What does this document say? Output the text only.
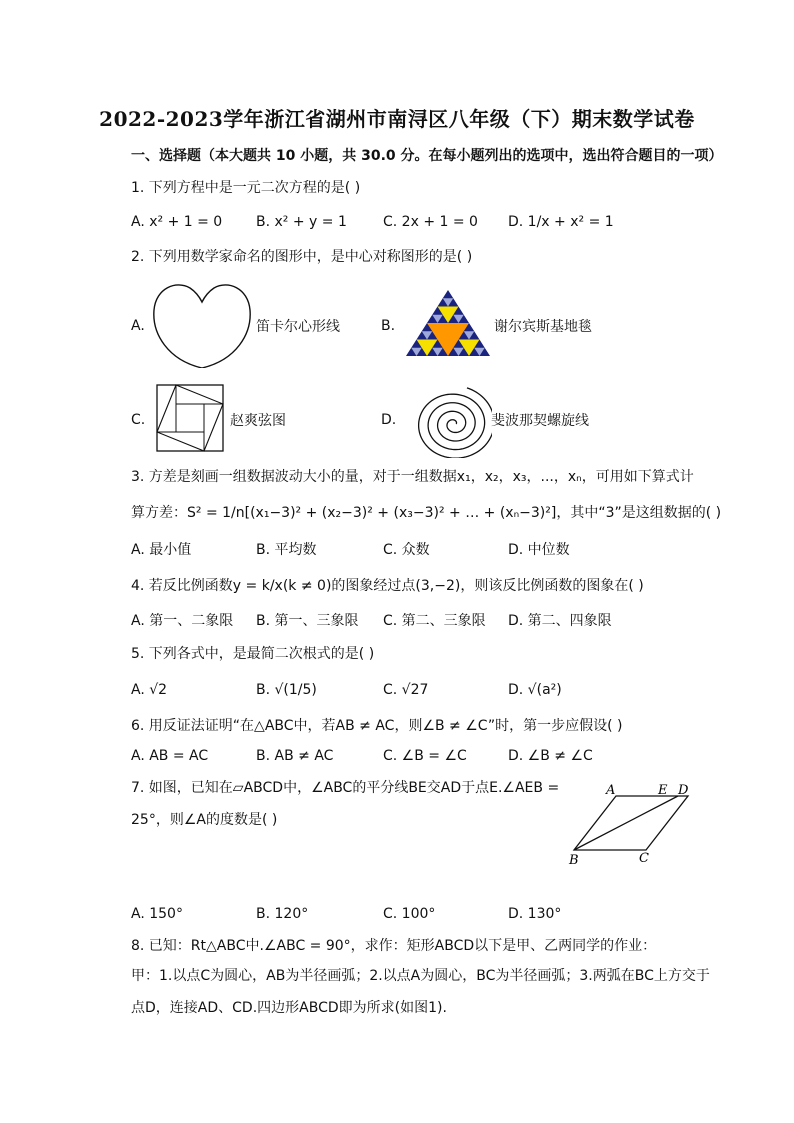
2022-2023学年浙江省湖州市南浔区八年级（下）期末数学试卷
一、选择题（本大题共 10 小题，共 30.0 分。在每小题列出的选项中，选出符合题目的一项）
1. 下列方程中是一元二次方程的是( )
A. x² + 1 = 0 B. x² + y = 1	C. 2x + 1 = 0 D. 1/x + x² = 1
2. 下列用数学家命名的图形中，是中心对称图形的是( )
A.	笛卡尔心形线	B.	谢尔宾斯基地毯
C.	赵爽弦图	D.	斐波那契螺旋线
3. 方差是刻画一组数据波动大小的量，对于一组数据x₁，x₂，x₃，...，xₙ，可用如下算式计
算方差：S² = 1/n[(x₁−3)² + (x₂−3)² + (x₃−3)² + … + (xₙ−3)²]，其中“3”是这组数据的( )
A. 最小值	B. 平均数	C. 众数	D. 中位数
4. 若反比例函数y = k/x(k ≠ 0)的图象经过点(3,−2)，则该反比例函数的图象在( )
A. 第一、二象限 B. 第一、三象限 C. 第二、三象限 D. 第二、四象限
5. 下列各式中，是最简二次根式的是( )
A. √2	B. √(1/5)	C. √27	D. √(a²)
6. 用反证法证明“在△ABC中，若AB ≠ AC，则∠B ≠ ∠C”时，第一步应假设( )
A. AB = AC	B. AB ≠ AC	C. ∠B = ∠C	D. ∠B ≠ ∠C
7. 如图，已知在▱ABCD中，∠ABC的平分线BE交AD于点E.∠AEB =
25°，则∠A的度数是( )
A	E D
B	C
A. 150°	B. 120°	C. 100°	D. 130°
8. 已知：Rt△ABC中.∠ABC = 90°，求作：矩形ABCD以下是甲、乙两同学的作业：
甲：1.以点C为圆心，AB为半径画弧；2.以点A为圆心，BC为半径画弧；3.两弧在BC上方交于
点D，连接AD、CD.四边形ABCD即为所求(如图1).
